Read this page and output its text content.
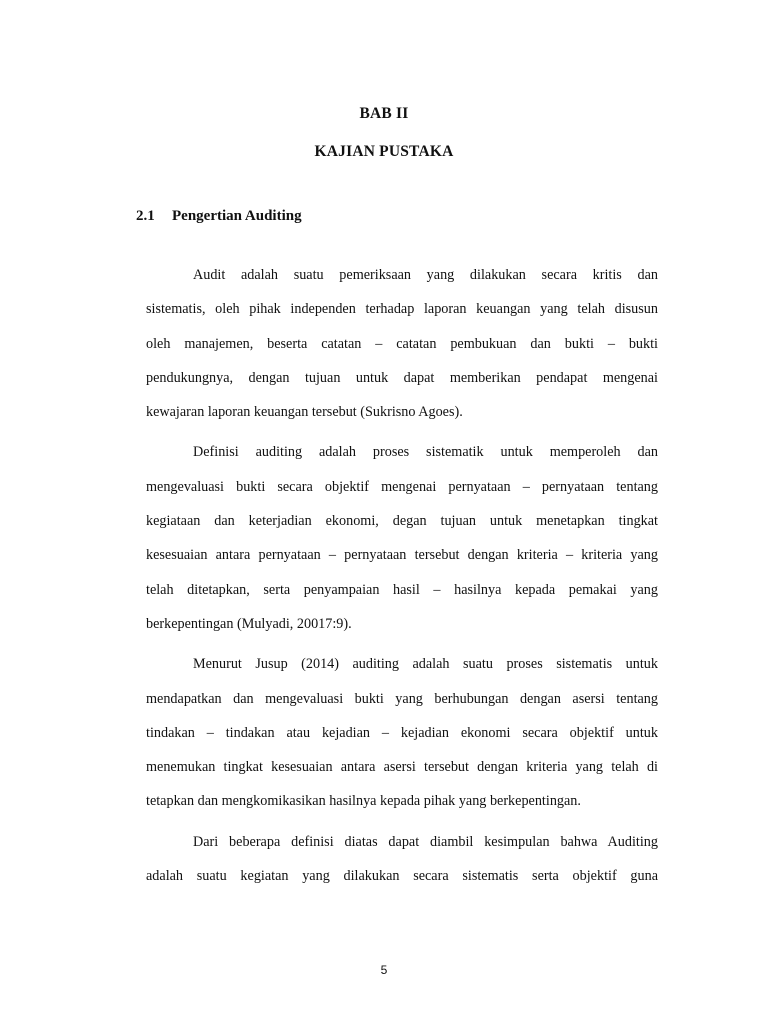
BAB II
KAJIAN PUSTAKA
2.1 Pengertian Auditing
Audit adalah suatu pemeriksaan yang dilakukan secara kritis dan
sistematis, oleh pihak independen terhadap laporan keuangan yang telah disusun
oleh manajemen, beserta catatan – catatan pembukuan dan bukti – bukti
pendukungnya, dengan tujuan untuk dapat memberikan pendapat mengenai
kewajaran laporan keuangan tersebut (Sukrisno Agoes).
Definisi auditing adalah proses sistematik untuk memperoleh dan
mengevaluasi bukti secara objektif mengenai pernyataan – pernyataan tentang
kegiataan dan keterjadian ekonomi, degan tujuan untuk menetapkan tingkat
kesesuaian antara pernyataan – pernyataan tersebut dengan kriteria – kriteria yang
telah ditetapkan, serta penyampaian hasil – hasilnya kepada pemakai yang
berkepentingan (Mulyadi, 20017:9).
Menurut Jusup (2014) auditing adalah suatu proses sistematis untuk
mendapatkan dan mengevaluasi bukti yang berhubungan dengan asersi tentang
tindakan – tindakan atau kejadian – kejadian ekonomi secara objektif untuk
menemukan tingkat kesesuaian antara asersi tersebut dengan kriteria yang telah di
tetapkan dan mengkomikasikan hasilnya kepada pihak yang berkepentingan.
Dari beberapa definisi diatas dapat diambil kesimpulan bahwa Auditing
adalah suatu kegiatan yang dilakukan secara sistematis serta objektif guna
5
